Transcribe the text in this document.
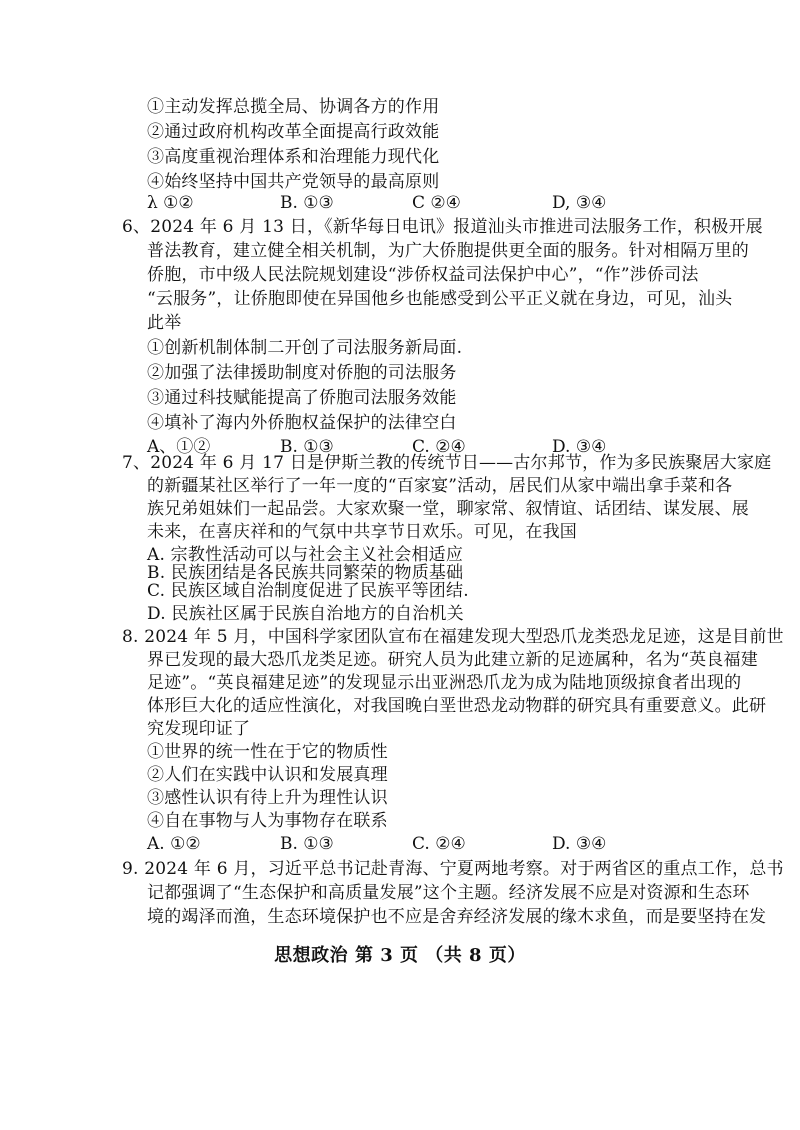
①主动发挥总揽全局、协调各方的作用
②通过政府机构改革全面提高行政效能
③高度重视治理体系和治理能力现代化
④始终坚持中国共产党领导的最高原则
λ ①②	B. ①③	C ②④	D, ③④
6、2024 年 6 月 13 日，《新华每日电讯》报道汕头市推进司法服务工作，积极开展
普法教育，建立健全相关机制，为广大侨胞提供更全面的服务。针对相隔万里的
侨胞，市中级人民法院规划建设“涉侨权益司法保护中心”，“作”涉侨司法
“云服务”，让侨胞即使在异国他乡也能感受到公平正义就在身边，可见，汕头
此举
①创新机制体制二开创了司法服务新局面.
②加强了法律援助制度对侨胞的司法服务
③通过科技赋能提高了侨胞司法服务效能
④填补了海内外侨胞权益保护的法律空白
A、①②	B. ①③	C. ②④	D. ③④
7、2024 年 6 月 17 日是伊斯兰教的传统节日——古尔邦节，作为多民族聚居大家庭
的新疆某社区举行了一年一度的“百家宴”活动，居民们从家中端出拿手菜和各
族兄弟姐妹们一起品尝。大家欢聚一堂，聊家常、叙情谊、话团结、谋发展、展
未来，在喜庆祥和的气氛中共享节日欢乐。可见，在我国
A. 宗教性活动可以与社会主义社会相适应
B. 民族团结是各民族共同繁荣的物质基础
C. 民族区域自治制度促进了民族平等团结.
D. 民族社区属于民族自治地方的自治机关
8. 2024 年 5 月，中国科学家团队宣布在福建发现大型恐爪龙类恐龙足迹，这是目前世
界已发现的最大恐爪龙类足迹。研究人员为此建立新的足迹属种，名为“英良福建
足迹”。“英良福建足迹”的发现显示出亚洲恐爪龙为成为陆地顶级掠食者出现的
体形巨大化的适应性演化，对我国晚白垩世恐龙动物群的研究具有重要意义。此研
究发现印证了
①世界的统一性在于它的物质性
②人们在实践中认识和发展真理
③感性认识有待上升为理性认识
④自在事物与人为事物存在联系
A. ①②	B. ①③	C. ②④	D. ③④
9. 2024 年 6 月，习近平总书记赴青海、宁夏两地考察。对于两省区的重点工作，总书
思想政治 第 3 页 （共 8 页）
记都强调了“生态保护和高质量发展”这个主题。经济发展不应是对资源和生态环
境的竭泽而渔，生态环境保护也不应是舍弃经济发展的缘木求鱼，而是要坚持在发
